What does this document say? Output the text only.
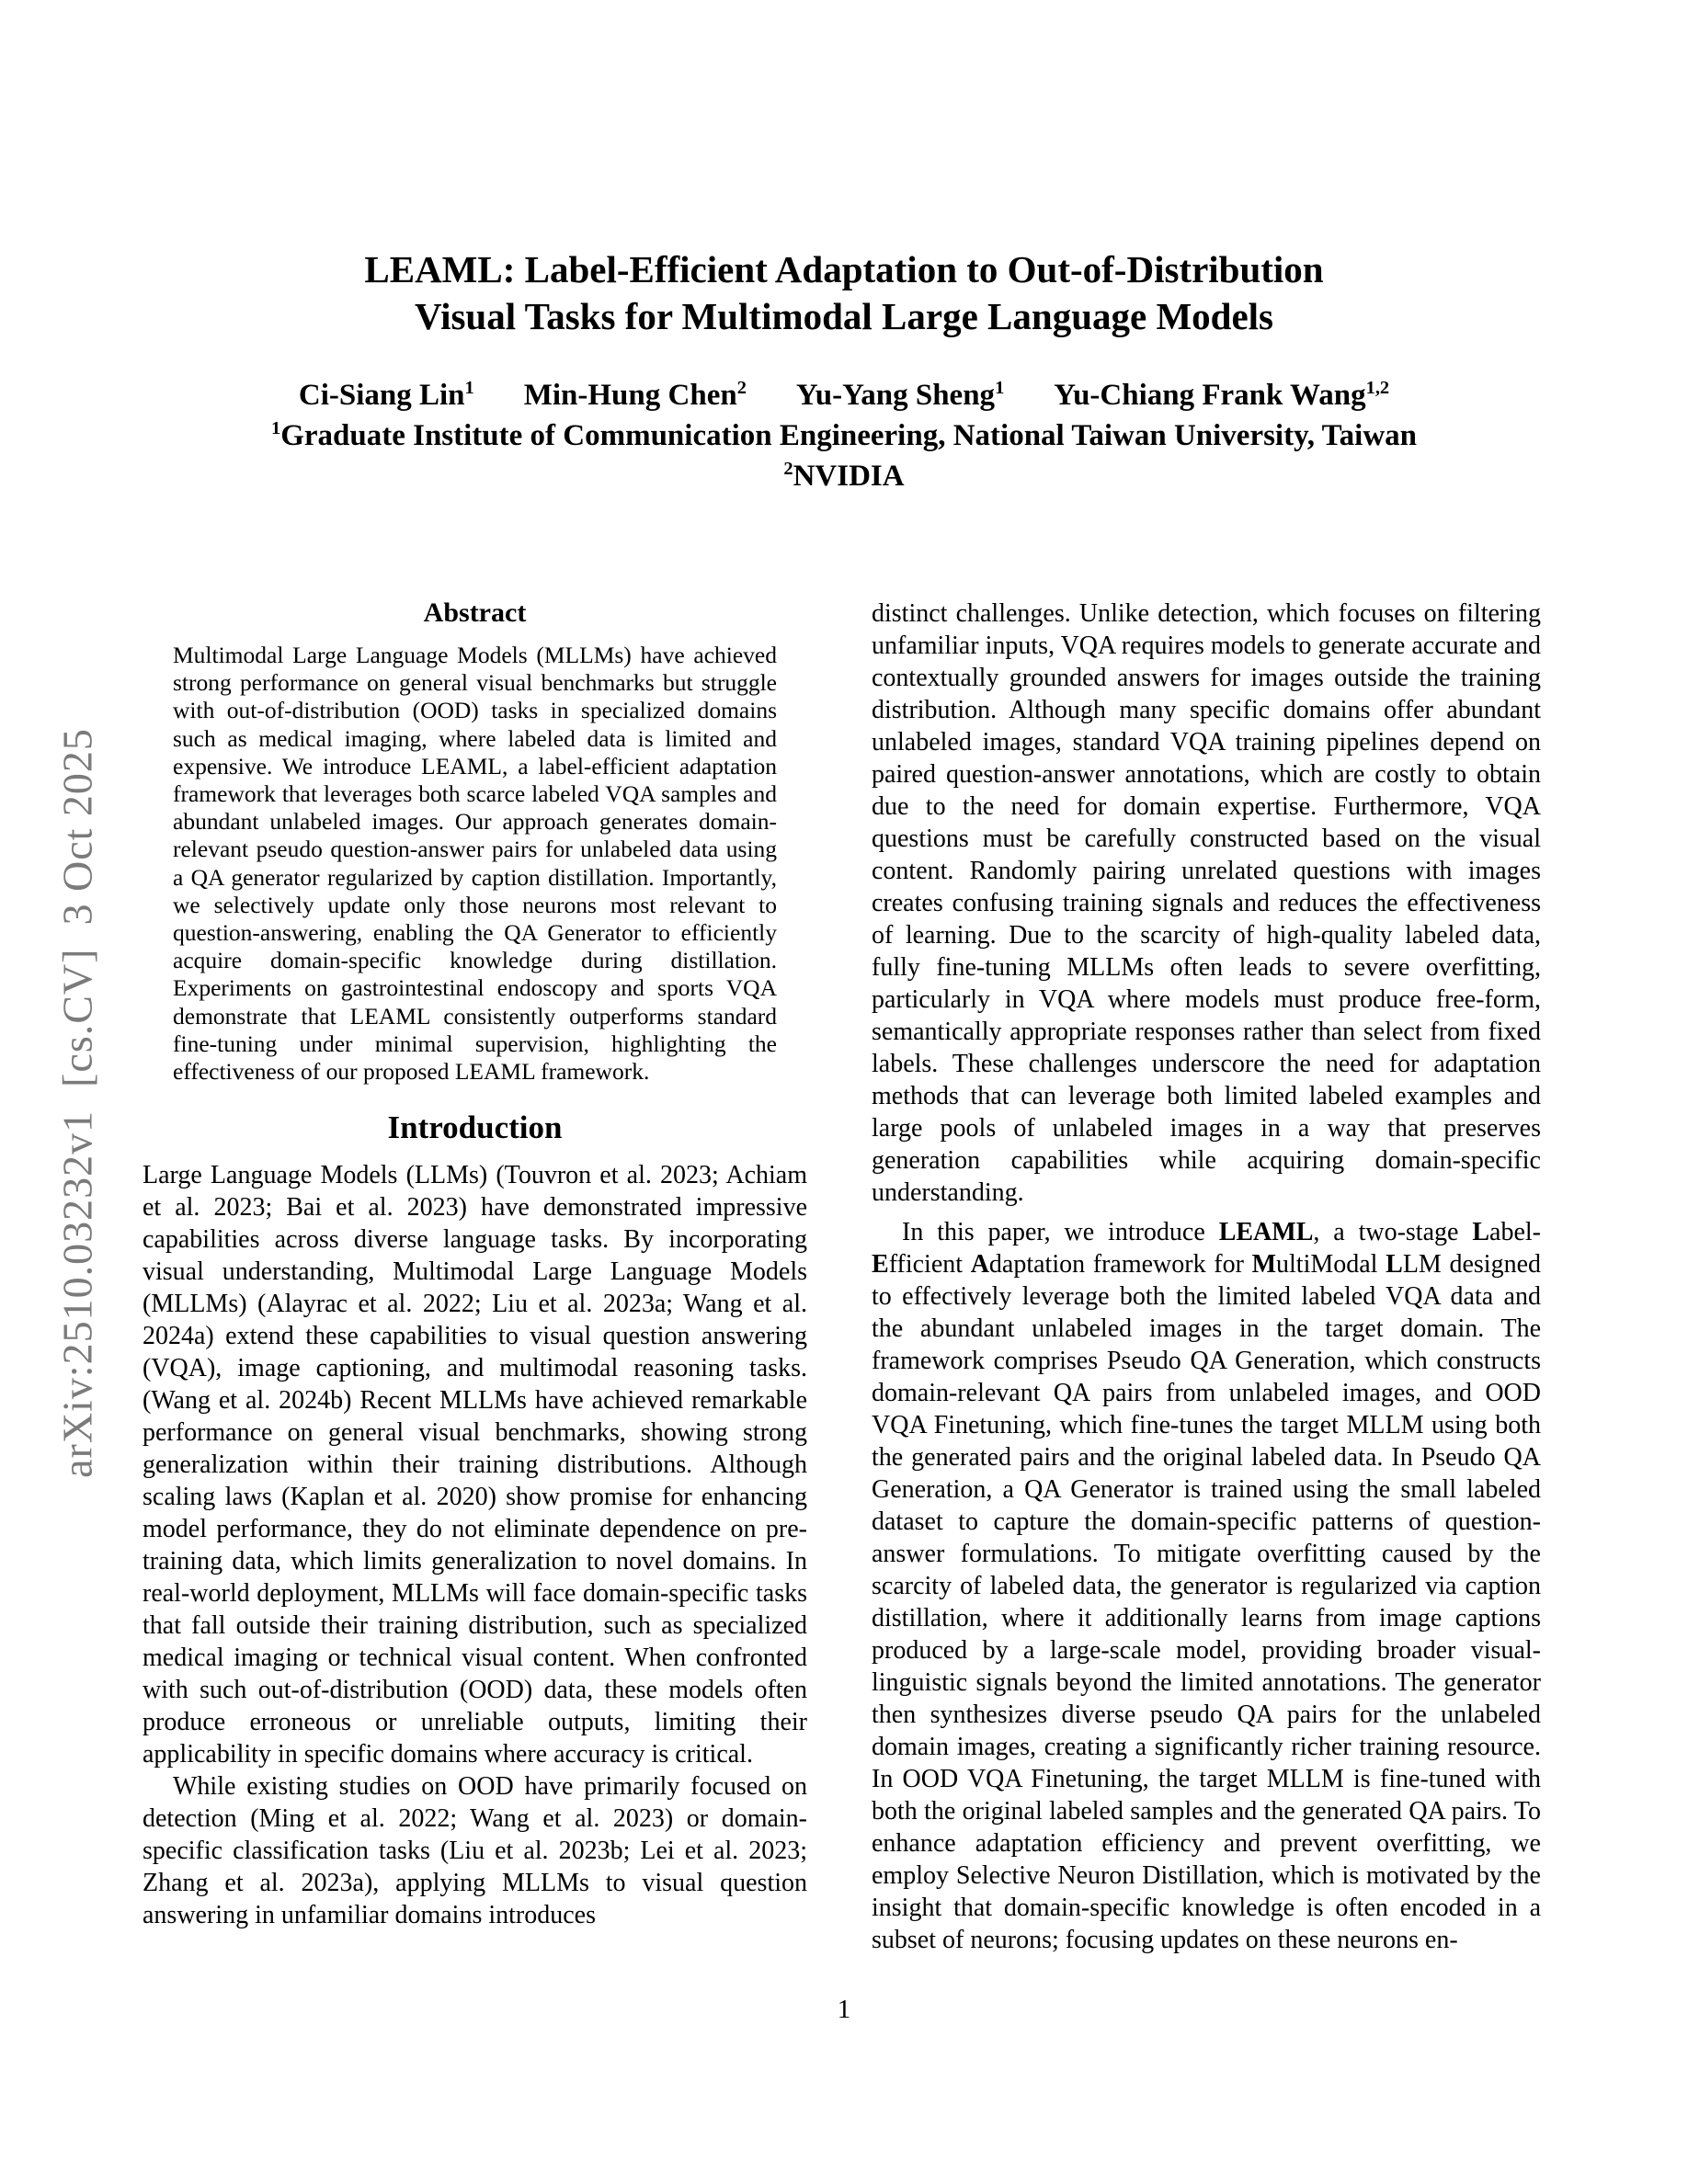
arXiv:2510.03232v1  [cs.CV]  3 Oct 2025
LEAML: Label-Efficient Adaptation to Out-of-Distribution
Visual Tasks for Multimodal Large Language Models
Ci-Siang Lin$^1$ Min-Hung Chen$^2$ Yu-Yang Sheng$^1$ Yu-Chiang Frank Wang$^{1,2}$
$^1$Graduate Institute of Communication Engineering, National Taiwan University, Taiwan
$^2$NVIDIA
Abstract
Multimodal Large Language Models (MLLMs) have achieved strong performance on general visual benchmarks but struggle with out-of-distribution (OOD) tasks in specialized domains such as medical imaging, where labeled data is limited and expensive. We introduce LEAML, a label-efficient adaptation framework that leverages both scarce labeled VQA samples and abundant unlabeled images. Our approach generates domain-relevant pseudo question-answer pairs for unlabeled data using a QA generator regularized by caption distillation. Importantly, we selectively update only those neurons most relevant to question-answering, enabling the QA Generator to efficiently acquire domain-specific knowledge during distillation. Experiments on gastrointestinal endoscopy and sports VQA demonstrate that LEAML consistently outperforms standard fine-tuning under minimal supervision, highlighting the effectiveness of our proposed LEAML framework.
Introduction

Large Language Models (LLMs) (Touvron et al. 2023; Achiam et al. 2023; Bai et al. 2023) have demonstrated impressive capabilities across diverse language tasks. By incorporating visual understanding, Multimodal Large Language Models (MLLMs) (Alayrac et al. 2022; Liu et al. 2023a; Wang et al. 2024a) extend these capabilities to visual question answering (VQA), image captioning, and multimodal reasoning tasks. (Wang et al. 2024b) Recent MLLMs have achieved remarkable performance on general visual benchmarks, showing strong generalization within their training distributions. Although scaling laws (Kaplan et al. 2020) show promise for enhancing model performance, they do not eliminate dependence on pre-training data, which limits generalization to novel domains. In real-world deployment, MLLMs will face domain-specific tasks that fall outside their training distribution, such as specialized medical imaging or technical visual content. When confronted with such out-of-distribution (OOD) data, these models often produce erroneous or unreliable outputs, limiting their applicability in specific domains where accuracy is critical.

While existing studies on OOD have primarily focused on detection (Ming et al. 2022; Wang et al. 2023) or domain-specific classification tasks (Liu et al. 2023b; Lei et al. 2023; Zhang et al. 2023a), applying MLLMs to visual question answering in unfamiliar domains introduces

distinct challenges. Unlike detection, which focuses on filtering unfamiliar inputs, VQA requires models to generate accurate and contextually grounded answers for images outside the training distribution. Although many specific domains offer abundant unlabeled images, standard VQA training pipelines depend on paired question-answer annotations, which are costly to obtain due to the need for domain expertise. Furthermore, VQA questions must be carefully constructed based on the visual content. Randomly pairing unrelated questions with images creates confusing training signals and reduces the effectiveness of learning. Due to the scarcity of high-quality labeled data, fully fine-tuning MLLMs often leads to severe overfitting, particularly in VQA where models must produce free-form, semantically appropriate responses rather than select from fixed labels. These challenges underscore the need for adaptation methods that can leverage both limited labeled examples and large pools of unlabeled images in a way that preserves generation capabilities while acquiring domain-specific understanding.

In this paper, we introduce LEAML, a two-stage Label-Efficient Adaptation framework for MultiModal LLM designed to effectively leverage both the limited labeled VQA data and the abundant unlabeled images in the target domain. The framework comprises Pseudo QA Generation, which constructs domain-relevant QA pairs from unlabeled images, and OOD VQA Finetuning, which fine-tunes the target MLLM using both the generated pairs and the original labeled data. In Pseudo QA Generation, a QA Generator is trained using the small labeled dataset to capture the domain-specific patterns of question-answer formulations. To mitigate overfitting caused by the scarcity of labeled data, the generator is regularized via caption distillation, where it additionally learns from image captions produced by a large-scale model, providing broader visual-linguistic signals beyond the limited annotations. The generator then synthesizes diverse pseudo QA pairs for the unlabeled domain images, creating a significantly richer training resource. In OOD VQA Finetuning, the target MLLM is fine-tuned with both the original labeled samples and the generated QA pairs. To enhance adaptation efficiency and prevent overfitting, we employ Selective Neuron Distillation, which is motivated by the insight that domain-specific knowledge is often encoded in a subset of neurons; focusing updates on these neurons en-

1
